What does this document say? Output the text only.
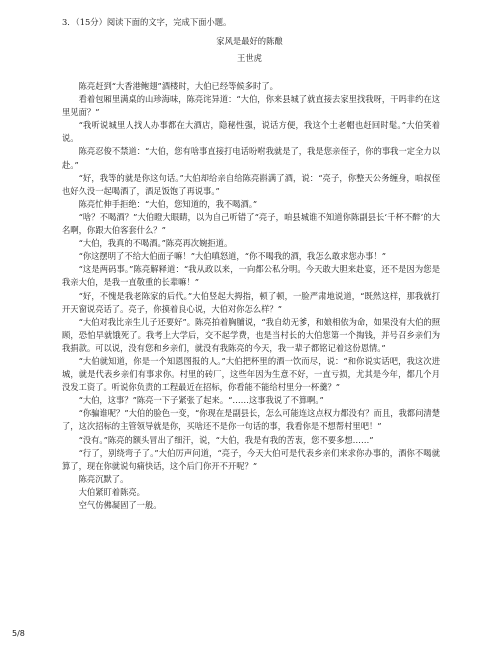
3．（15分）阅读下面的文字，完成下面小题。
家风是最好的陈酿
王世虎

陈亮赶到“大香港鲍翅”酒楼时，大伯已经等候多时了。

看着包厢里满桌的山珍海味，陈亮诧异道：“大伯，你来县城了就直接去家里找我呀，干吗非约在这里见面？”

“我听说城里人找人办事都在大酒店，隐秘性强，说话方便，我这个土老帽也赶回时髦。”大伯笑着说。

陈亮忍俊不禁道：“大伯，您有啥事直接打电话吩咐我就是了，我是您亲侄子，你的事我一定全力以赴。”

“好，我等的就是你这句话。”大伯却给亲自给陈亮斟满了酒，说：“亮子，你整天公务缠身，咱叔侄也好久没一起喝酒了，酒足饭饱了再说事。”

陈亮忙伸手拒绝：“大伯，您知道的，我不喝酒。”

“啥？不喝酒？”大伯瞪大眼睛，以为自己听错了“亮子，咱县城谁不知道你陈副县长‘千杯不醉’的大名啊，你跟大伯客套什么？”

“大伯，我真的不喝酒。”陈亮再次婉拒道。

“你这摆明了不给大伯面子嘛！”大伯嗔怒道，“你不喝我的酒，我怎么敢求您办事！”

“这是两码事。”陈亮解释道：“我从政以来，一向都公私分明。今天敢大胆来赴宴，还不是因为您是我亲大伯，是我一直敬重的长辈嘛！”

“好，不愧是我老陈家的后代。”大伯竖起大拇指，顿了顿，一脸严肃地说道，“既然这样，那我就打开天窗说亮话了。亮子，你摸着良心说，大伯对你怎么样？”

“大伯对我比亲生儿子还要好”。陈亮拍着胸脯说，“我自幼无爹，和娘相依为命，如果没有大伯的照顾，恐怕早就饿死了。我考上大学后，交不起学费，也是当村长的大伯您第一个掏钱，并号召乡亲们为我捐款。可以说，没有您和乡亲们，就没有我陈亮的今天，我一辈子都铭记着这份恩情。”

“大伯就知道，你是一个知恩图报的人。”大伯把杯里的酒一饮而尽，说：“和你说实话吧，我这次进城，就是代表乡亲们有事求你。村里的砖厂，这些年因为生意不好，一直亏损，尤其是今年，都几个月没发工资了。听说你负责的工程最近在招标，你看能不能给村里分一杯羹？”

“大伯，这事？”陈亮一下子紧张了起来。“……这事我说了不算啊。”

“你骗谁呢？”大伯的脸色一变，“你现在是副县长，怎么可能连这点权力都没有？而且，我都问清楚了，这次招标的主管领导就是你，买啥还不是你一句话的事，我看你是不想帮村里吧！”

“没有。”陈亮的额头冒出了细汗，说，“大伯，我是有我的苦衷，您不要多想……”

“行了，别绕弯子了。”大伯厉声问道，“亮子，今天大伯可是代表乡亲们来求你办事的，酒你不喝就算了，现在你就说句痛快话，这个后门你开不开呢？”

陈亮沉默了。

大伯紧盯着陈亮。

空气仿佛凝固了一般。

5/8
